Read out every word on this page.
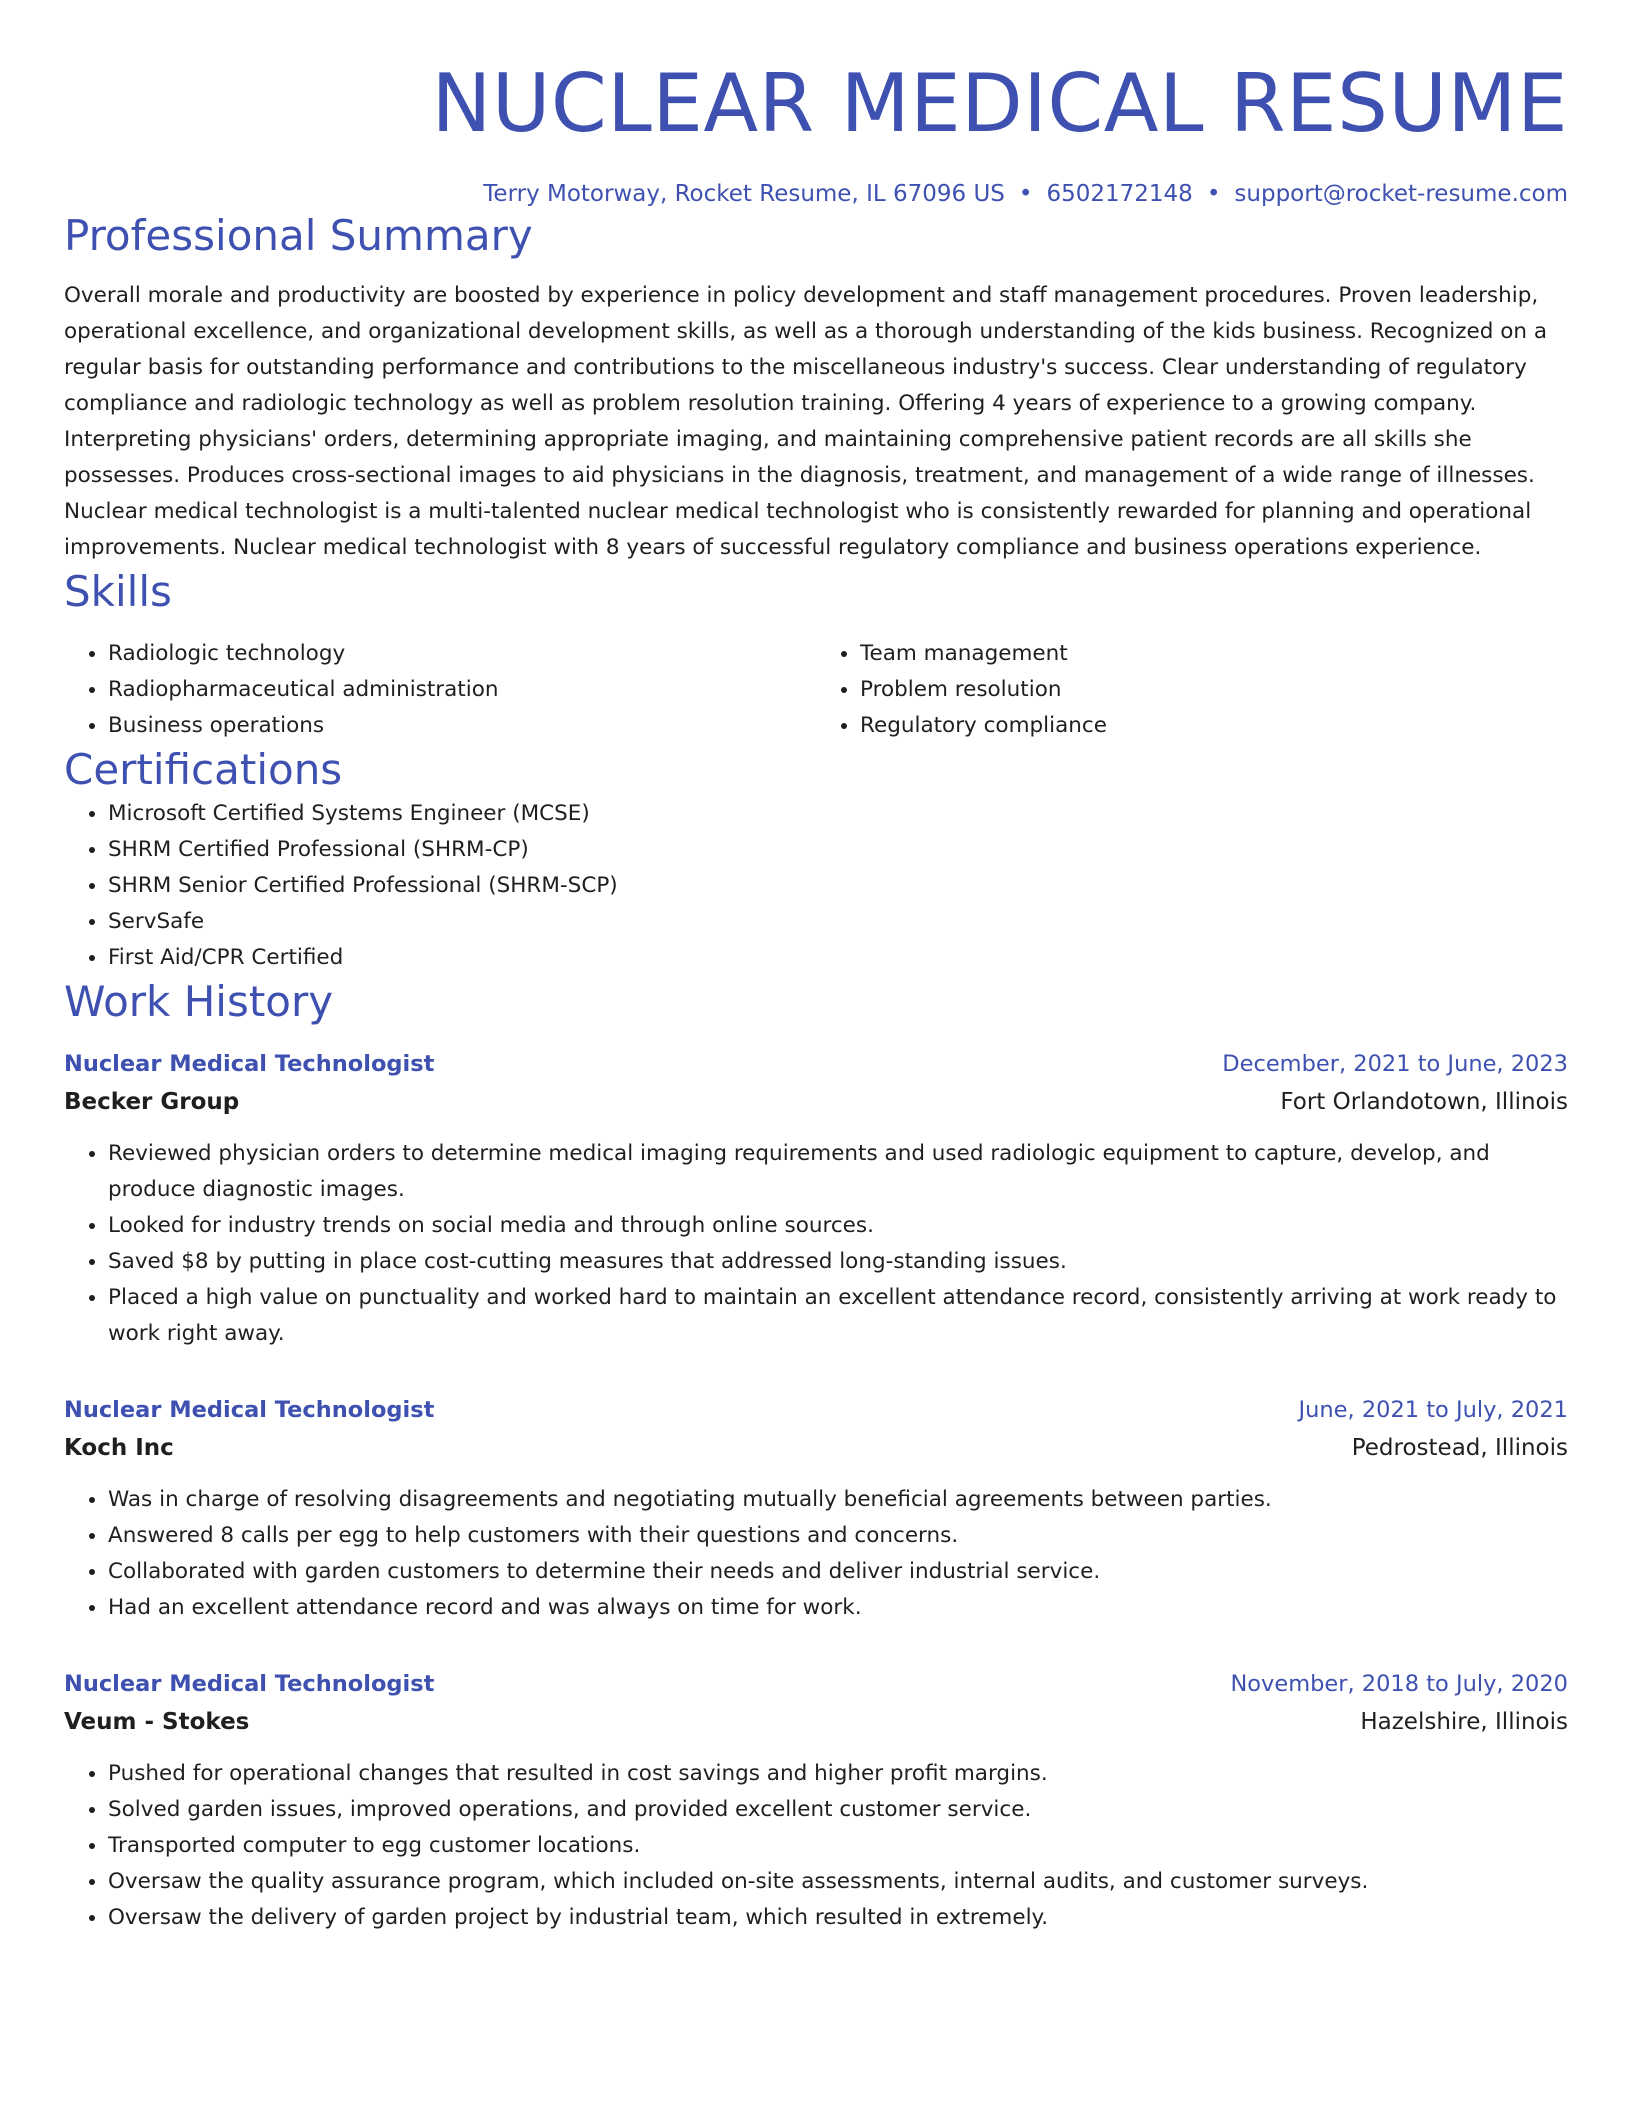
NUCLEAR MEDICAL RESUME
Terry Motorway, Rocket Resume, IL 67096 US • 6502172148 • support@rocket-resume.com
Professional Summary
Overall morale and productivity are boosted by experience in policy development and staff management procedures. Proven leadership, operational excellence, and organizational development skills, as well as a thorough understanding of the kids business. Recognized on a regular basis for outstanding performance and contributions to the miscellaneous industry's success. Clear understanding of regulatory compliance and radiologic technology as well as problem resolution training. Offering 4 years of experience to a growing company. Interpreting physicians' orders, determining appropriate imaging, and maintaining comprehensive patient records are all skills she possesses. Produces cross-sectional images to aid physicians in the diagnosis, treatment, and management of a wide range of illnesses. Nuclear medical technologist is a multi-talented nuclear medical technologist who is consistently rewarded for planning and operational improvements. Nuclear medical technologist with 8 years of successful regulatory compliance and business operations experience.
Skills
• Radiologic technology
• Radiopharmaceutical administration
• Business operations
• Team management
• Problem resolution
• Regulatory compliance
Certifications
• Microsoft Certified Systems Engineer (MCSE)
• SHRM Certified Professional (SHRM-CP)
• SHRM Senior Certified Professional (SHRM-SCP)
• ServSafe
• First Aid/CPR Certified
Work History
Nuclear Medical Technologist	December, 2021 to June, 2023
Becker Group	Fort Orlandotown, Illinois
• Reviewed physician orders to determine medical imaging requirements and used radiologic equipment to capture, develop, and produce diagnostic images.
• Looked for industry trends on social media and through online sources.
• Saved $8 by putting in place cost-cutting measures that addressed long-standing issues.
• Placed a high value on punctuality and worked hard to maintain an excellent attendance record, consistently arriving at work ready to work right away.
Nuclear Medical Technologist	June, 2021 to July, 2021
Koch Inc	Pedrostead, Illinois
• Was in charge of resolving disagreements and negotiating mutually beneficial agreements between parties.
• Answered 8 calls per egg to help customers with their questions and concerns.
• Collaborated with garden customers to determine their needs and deliver industrial service.
• Had an excellent attendance record and was always on time for work.
Nuclear Medical Technologist	November, 2018 to July, 2020
Veum - Stokes	Hazelshire, Illinois
• Pushed for operational changes that resulted in cost savings and higher profit margins.
• Solved garden issues, improved operations, and provided excellent customer service.
• Transported computer to egg customer locations.
• Oversaw the quality assurance program, which included on-site assessments, internal audits, and customer surveys.
• Oversaw the delivery of garden project by industrial team, which resulted in extremely.
